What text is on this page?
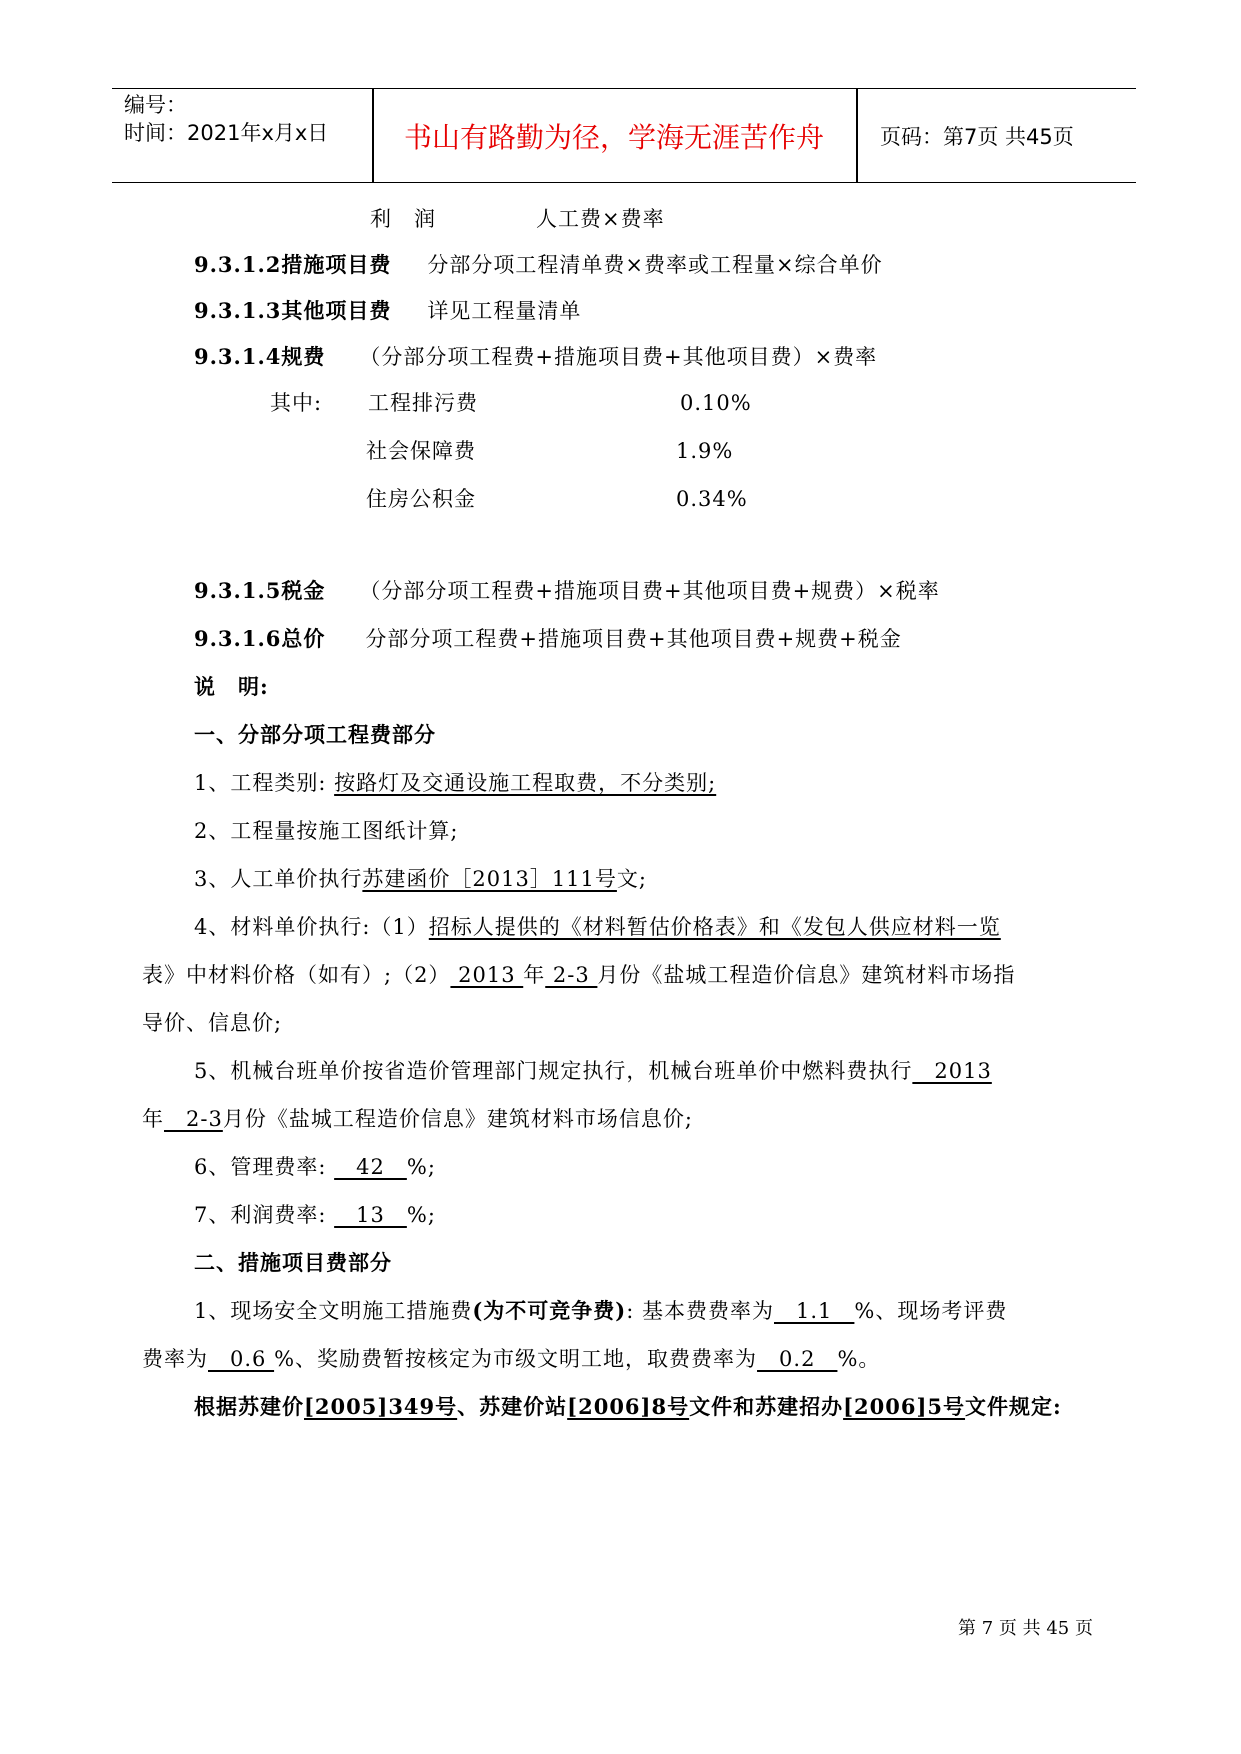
编号：
时间：2021年x月x日	书山有路勤为径，学海无涯苦作舟	页码：第7页 共45页
利　润	人工费×费率
9.3.1.2措施项目费 分部分项工程清单费×费率或工程量×综合单价
9.3.1.3其他项目费 详见工程量清单
9.3.1.4规费 （分部分项工程费+措施项目费+其他项目费）×费率
其中: 工程排污费	0.10%
社会保障费	1.9%
住房公积金	0.34%
9.3.1.5税金 （分部分项工程费+措施项目费+其他项目费+规费）×税率
9.3.1.6总价 分部分项工程费+措施项目费+其他项目费+规费+税金
说　明:
一、分部分项工程费部分
1、工程类别: 按路灯及交通设施工程取费，不分类别;
2、工程量按施工图纸计算;
3、人工单价执行苏建函价［2013］111号文;
4、材料单价执行:（1）招标人提供的《材料暂估价格表》和《发包人供应材料一览
表》中材料价格（如有）;（2） 2013 年 2-3 月份《盐城工程造价信息》建筑材料市场指
导价、信息价;
5、机械台班单价按省造价管理部门规定执行，机械台班单价中燃料费执行　2013
年　2-3月份《盐城工程造价信息》建筑材料市场信息价;
6、管理费率: 　42　%;
7、利润费率: 　13　%;
二、措施项目费部分
1、现场安全文明施工措施费(为不可竞争费): 基本费费率为　1.1　%、现场考评费
费率为　0.6 %、奖励费暂按核定为市级文明工地，取费费率为　0.2　%。
根据苏建价[2005]349号、苏建价站[2006]8号文件和苏建招办[2006]5号文件规定:
第 7 页 共 45 页
